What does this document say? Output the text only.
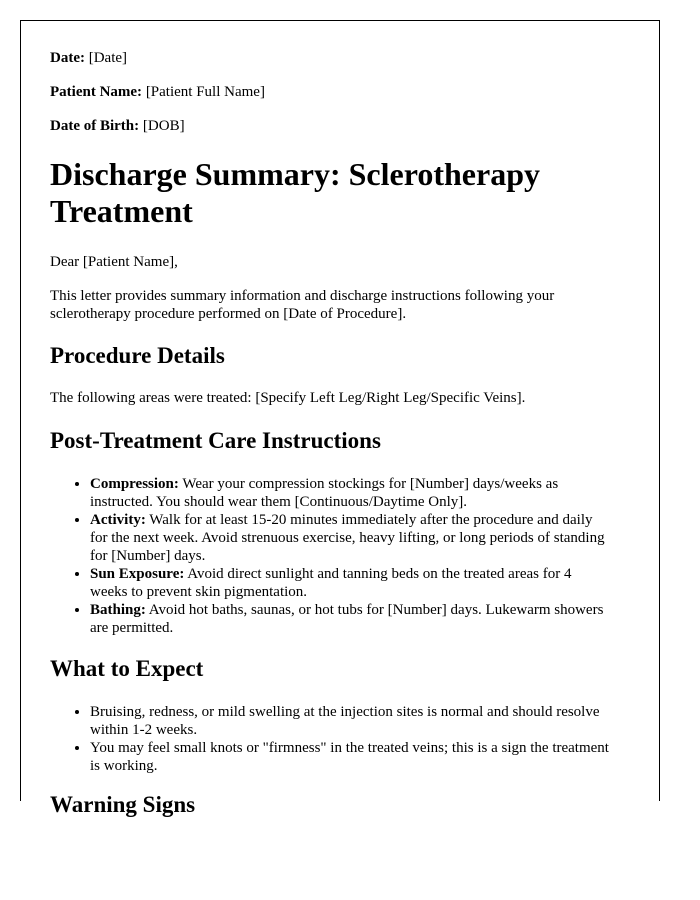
Date: [Date]

Patient Name: [Patient Full Name]

Date of Birth: [DOB]

Discharge Summary: Sclerotherapy Treatment

Dear [Patient Name],

This letter provides summary information and discharge instructions following your sclerotherapy procedure performed on [Date of Procedure].

Procedure Details

The following areas were treated: [Specify Left Leg/Right Leg/Specific Veins].

Post-Treatment Care Instructions
• Compression: Wear your compression stockings for [Number] days/weeks as instructed. You should wear them [Continuous/Daytime Only].
• Activity: Walk for at least 15-20 minutes immediately after the procedure and daily for the next week. Avoid strenuous exercise, heavy lifting, or long periods of standing for [Number] days.
• Sun Exposure: Avoid direct sunlight and tanning beds on the treated areas for 4 weeks to prevent skin pigmentation.
• Bathing: Avoid hot baths, saunas, or hot tubs for [Number] days. Lukewarm showers are permitted.
What to Expect
• Bruising, redness, or mild swelling at the injection sites is normal and should resolve within 1-2 weeks.
• You may feel small knots or "firmness" in the treated veins; this is a sign the treatment is working.
Warning Signs
